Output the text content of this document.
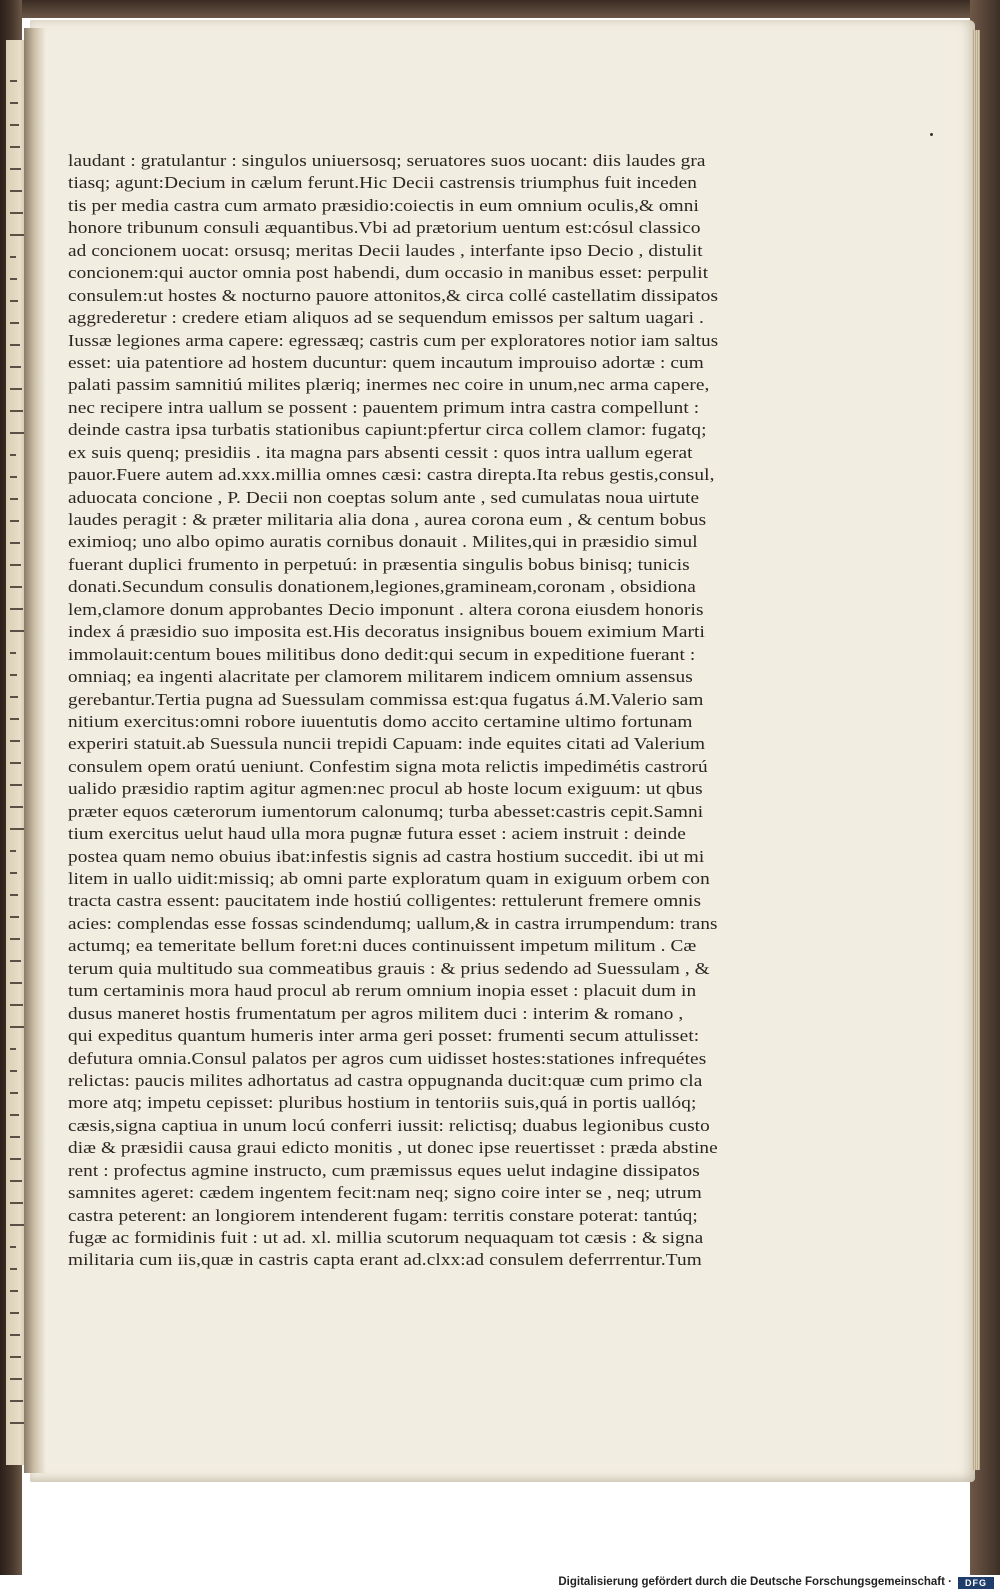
laudant : gratulantur : singulos uniuersosq; seruatores suos uocant: diis laudes gra
tiasq; agunt:Decium in cælum ferunt.Hic Decii castrensis triumphus fuit inceden
tis per media castra cum armato præsidio:coiectis in eum omnium oculis,& omni
honore tribunum consuli æquantibus.Vbi ad prætorium uentum est:cósul classico
ad concionem uocat: orsusq; meritas Decii laudes , interfante ipso Decio , distulit
concionem:qui auctor omnia post habendi, dum occasio in manibus esset: perpulit
consulem:ut hostes & nocturno pauore attonitos,& circa collé castellatim dissipatos
aggrederetur : credere etiam aliquos ad se sequendum emissos per saltum uagari .
Iussæ legiones arma capere: egressæq; castris cum per exploratores notior iam saltus
esset: uia patentiore ad hostem ducuntur: quem incautum improuiso adortæ : cum
palati passim samnitiú milites plæriq; inermes nec coire in unum,nec arma capere,
nec recipere intra uallum se possent : pauentem primum intra castra compellunt :
deinde castra ipsa turbatis stationibus capiunt:pfertur circa collem clamor: fugatq;
ex suis quenq; presidiis . ita magna pars absenti cessit : quos intra uallum egerat
pauor.Fuere autem ad.xxx.millia omnes cæsi: castra direpta.Ita rebus gestis,consul,
aduocata concione , P. Decii non coeptas solum ante , sed cumulatas noua uirtute
laudes peragit : & præter militaria alia dona , aurea corona eum , & centum bobus
eximioq; uno albo opimo auratis cornibus donauit . Milites,qui in præsidio simul
fuerant duplici frumento in perpetuú: in præsentia singulis bobus binisq; tunicis
donati.Secundum consulis donationem,legiones,gramineam,coronam , obsidiona
lem,clamore donum approbantes Decio imponunt . altera corona eiusdem honoris
index á præsidio suo imposita est.His decoratus insignibus bouem eximium Marti
immolauit:centum boues militibus dono dedit:qui secum in expeditione fuerant :
omniaq; ea ingenti alacritate per clamorem militarem indicem omnium assensus
gerebantur.Tertia pugna ad Suessulam commissa est:qua fugatus á.M.Valerio sam
nitium exercitus:omni robore iuuentutis domo accito certamine ultimo fortunam
experiri statuit.ab Suessula nuncii trepidi Capuam: inde equites citati ad Valerium
consulem opem oratú ueniunt. Confestim signa mota relictis impedimétis castrorú
ualido præsidio raptim agitur agmen:nec procul ab hoste locum exiguum: ut qbus
præter equos cæterorum iumentorum calonumq; turba abesset:castris cepit.Samni
tium exercitus uelut haud ulla mora pugnæ futura esset : aciem instruit : deinde
postea quam nemo obuius ibat:infestis signis ad castra hostium succedit. ibi ut mi
litem in uallo uidit:missiq; ab omni parte exploratum quam in exiguum orbem con
tracta castra essent: paucitatem inde hostiú colligentes: rettulerunt fremere omnis
acies: complendas esse fossas scindendumq; uallum,& in castra irrumpendum: trans
actumq; ea temeritate bellum foret:ni duces continuissent impetum militum . Cæ
terum quia multitudo sua commeatibus grauis : & prius sedendo ad Suessulam , &
tum certaminis mora haud procul ab rerum omnium inopia esset : placuit dum in
dusus maneret hostis frumentatum per agros militem duci : interim & romano ,
qui expeditus quantum humeris inter arma geri posset: frumenti secum attulisset:
defutura omnia.Consul palatos per agros cum uidisset hostes:stationes infrequétes
relictas: paucis milites adhortatus ad castra oppugnanda ducit:quæ cum primo cla
more atq; impetu cepisset: pluribus hostium in tentoriis suis,quá in portis uallóq;
cæsis,signa captiua in unum locú conferri iussit: relictisq; duabus legionibus custo
diæ & præsidii causa graui edicto monitis , ut donec ipse reuertisset : præda abstine
rent : profectus agmine instructo, cum præmissus eques uelut indagine dissipatos
samnites ageret: cædem ingentem fecit:nam neq; signo coire inter se , neq; utrum
castra peterent: an longiorem intenderent fugam: territis constare poterat: tantúq;
fugæ ac formidinis fuit : ut ad. xl. millia scutorum nequaquam tot cæsis : & signa
militaria cum iis,quæ in castris capta erant ad.clxx:ad consulem deferrrentur.Tum
Digitalisierung gefördert durch die Deutsche Forschungsgemeinschaft ·	DFG
